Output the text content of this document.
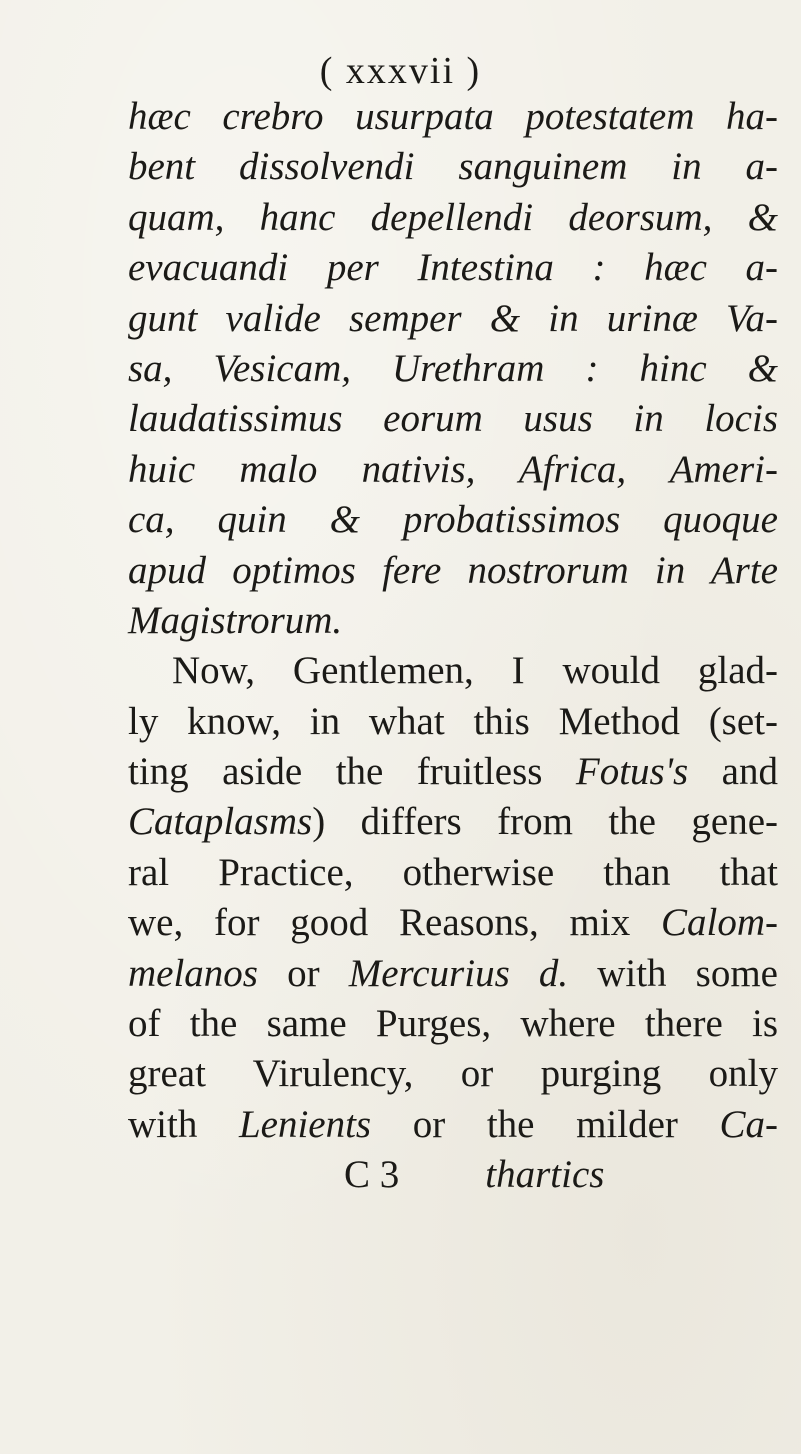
( xxxvii )
hæc crebro usurpata potestatem ha-
bent dissolvendi sanguinem in a-
quam, hanc depellendi deorsum, &
evacuandi per Intestina : hæc a-
gunt valide semper & in urinæ Va-
sa, Vesicam, Urethram : hinc &
laudatissimus eorum usus in locis
huic malo nativis, Africa, Ameri-
ca, quin & probatissimos quoque
apud optimos fere nostrorum in Arte
Magistrorum.
Now, Gentlemen, I would glad-
ly know, in what this Method (set-
ting aside the fruitless Fotus's and
Cataplasms) differs from the gene-
ral Practice, otherwise than that
we, for good Reasons, mix Calom-
melanos or Mercurius d. with some
of the same Purges, where there is
great Virulency, or purging only
with Lenients or the milder Ca-
C 3 thartics
